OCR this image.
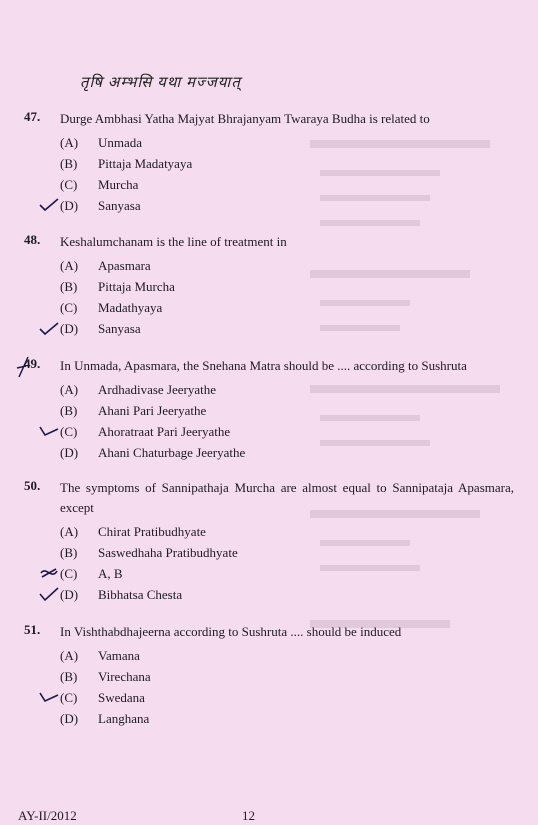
तृषि अम्भसि यथा मज्जयात्
47. Durge Ambhasi Yatha Majyat Bhrajanyam Twaraya Budha is related to
(A)	Unmada
(B)	Pittaja Madatyaya
(C)	Murcha
(D)	Sanyasa
48. Keshalumchanam is the line of treatment in
(A)	Apasmara
(B)	Pittaja Murcha
(C)	Madathyaya
(D)	Sanyasa
49. In Unmada, Apasmara, the Snehana Matra should be .... according to Sushruta
(A)	Ardhadivase Jeeryathe
(B)	Ahani Pari Jeeryathe
(C)	Ahoratraat Pari Jeeryathe
(D)	Ahani Chaturbage Jeeryathe
50. The symptoms of Sannipathaja Murcha are almost equal to Sannipataja Apasmara, except
(A)	Chirat Pratibudhyate
(B)	Saswedhaha Pratibudhyate
(C)	A, B
(D)	Bibhatsa Chesta
51. In Vishthabdhajeerna according to Sushruta .... should be induced
(A)	Vamana
(B)	Virechana
(C)	Swedana
(D)	Langhana
AY-II/2012	12
